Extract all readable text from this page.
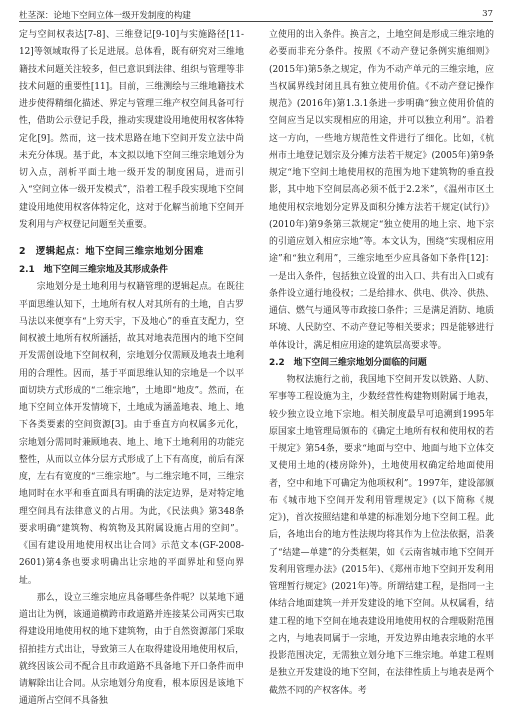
杜茎深：论地下空间立体一级开发制度的构建	37

定与空间权表达[7-8]、三维登记[9-10]与实施路径[11-12]等领域取得了长足进展。总体看，既有研究对三维地籍技术问题关注较多，但已意识到法律、组织与管理等非技术问题的重要性[11]。目前，三维测绘与三维地籍技术进步使得精细化描述、界定与管理三维产权空间具备可行性，借助公示登记手段，推动实现建设用地使用权客体特定化[9]。然而，这一技术思路在地下空间开发立法中尚未充分体现。基于此，本文拟以地下空间三维宗地划分为切入点，剖析平面土地一级开发的制度困局，进而引入“空间立体一级开发模式”，沿着工程手段实现地下空间建设用地使用权客体特定化，这对于化解当前地下空间开发利用与产权登记问题至关重要。

2　逻辑起点：地下空间三维宗地划分困难
2.1　地下空间三维宗地及其形成条件

宗地划分是土地利用与权籍管理的逻辑起点。在既往平面思维认知下，土地所有权人对其所有的土地，自古罗马法以来便享有“上穷天宇，下及地心”的垂直支配力，空间权被土地所有权所涵括，故其对地表范围内的地下空间开发需创设地下空间权利，宗地划分仅需顾及地表土地利用的合理性。因而，基于平面思维认知的宗地是一个以平面切块方式形成的“二维宗地”，土地即“地皮”。然而，在地下空间立体开发情境下，土地成为涵盖地表、地上、地下各类要素的空间资源[3]。由于垂直方向权属多元化，宗地划分需同时兼顾地表、地上、地下土地利用的功能完整性，从而以立体分层方式形成了上下有高度，前后有深度，左右有宽度的“三维宗地”。与二维宗地不同，三维宗地同时在水平和垂直面具有明确的法定边界，是对特定地理空间具有法律意义的占用。为此，《民法典》第348条要求明确“建筑物、构筑物及其附属设施占用的空间”。《国有建设用地使用权出让合同》示范文本(GF-2008-2601)第4条也要求明确出让宗地的平面界址和竖向界址。

那么，设立三维宗地应具备哪些条件呢？以某地下通道出让为例，该通道横跨市政道路并连接某公司两实已取得建设用地使用权的地下建筑物，由于自然资源部门采取招拍挂方式出让，导致第三人在取得建设用地使用权后，就终因该公司不配合且市政道路不具备地下开口条件而申请解除出让合同。从宗地划分角度看，根本原因是该地下通道所占空间不具备独

立使用的出入条件。换言之，土地空间是形成三维宗地的必要而非充分条件。按照《不动产登记条例实施细则》(2015年)第5条之规定，作为不动产单元的三维宗地，应当权属界线封闭且具有独立使用价值。《不动产登记操作规范》(2016年)第1.3.1条进一步明确“独立使用价值的空间应当足以实现相应的用途，并可以独立利用”。沿着这一方向，一些地方规范性文件进行了细化。比如，《杭州市土地登记划宗及分摊方法若干规定》(2005年)第9条规定“地下空间土地使用权的范围为地下建筑物的垂直投影，其中地下空间层高必须不低于2.2米”，《温州市区土地使用权宗地划分定界及面积分摊方法若干规定(试行)》(2010年)第9条第三款规定“独立使用的地上宗、地下宗的引道应划入相应宗地”等。本文认为，围绕“实现相应用途”和“独立利用”，三维宗地至少应具备如下条件[12]：一是出入条件，包括独立设置的出入口、共有出入口或有条件设立通行地役权；二是给排水、供电、供冷、供热、通信、燃气与通风等市政接口条件；三是满足消防、地质环境、人民防空、不动产登记等相关要求；四是能够进行单体设计，满足相应用途的建筑层高要求等。

2.2　地下空间三维宗地划分面临的问题

物权法施行之前，我国地下空间开发以铁路、人防、军事等工程设施为主，少数经营性构建物则附属于地表，较少独立设立地下宗地。相关制度最早可追溯到1995年原国家土地管理局颁布的《确定土地所有权和使用权的若干规定》第54条，要求“地面与空中、地面与地下立体交叉使用土地的(楼房除外)，土地使用权确定给地面使用者，空中和地下可确定为他项权利”。1997年，建设部颁布《城市地下空间开发利用管理规定》(以下简称《规定》)，首次按照结建和单建的标准划分地下空间工程。此后，各地出台的地方性法规均将其作为上位法依据，沿袭了“结建—单建”的分类框架，如《云南省城市地下空间开发利用管理办法》(2015年)、《郑州市地下空间开发利用管理暂行规定》(2021年)等。所谓结建工程，是指同一主体结合地面建筑一并开发建设的地下空间。从权属看，结建工程的地下空间在地表建设用地使用权的合理吸附范围之内，与地表同属于一宗地，开发边界由地表宗地的水平投影范围决定，无需独立划分地下三维宗地。单建工程则是独立开发建设的地下空间，在法律性质上与地表是两个截然不同的产权客体。考
